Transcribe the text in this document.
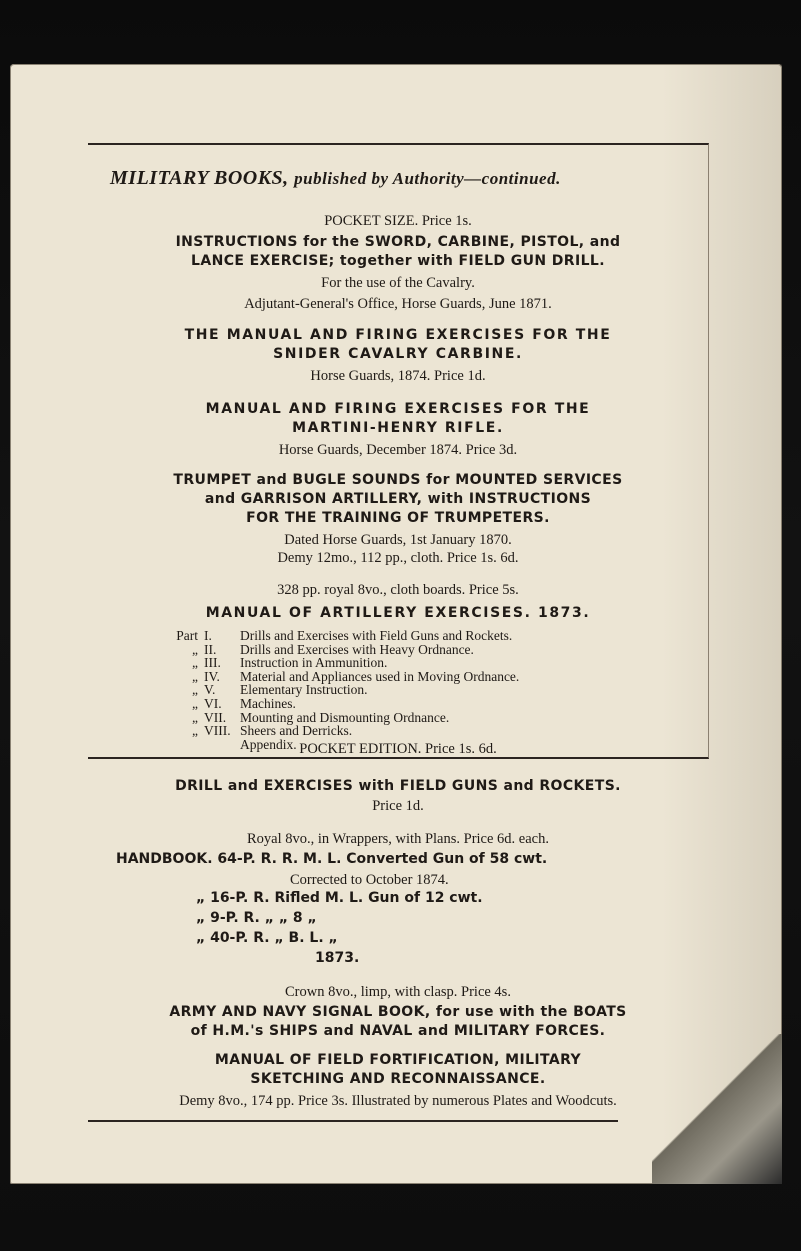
MILITARY BOOKS, published by Authority—continued.
POCKET SIZE. Price 1s.
INSTRUCTIONS for the SWORD, CARBINE, PISTOL, and
LANCE EXERCISE; together with FIELD GUN DRILL.
For the use of the Cavalry.
Adjutant-General's Office, Horse Guards, June 1871.
THE MANUAL AND FIRING EXERCISES FOR THE
SNIDER CAVALRY CARBINE.
Horse Guards, 1874. Price 1d.
MANUAL AND FIRING EXERCISES FOR THE
MARTINI-HENRY RIFLE.
Horse Guards, December 1874. Price 3d.
TRUMPET and BUGLE SOUNDS for MOUNTED SERVICES
and GARRISON ARTILLERY, with INSTRUCTIONS
FOR THE TRAINING OF TRUMPETERS.
Dated Horse Guards, 1st January 1870.
Demy 12mo., 112 pp., cloth. Price 1s. 6d.
328 pp. royal 8vo., cloth boards. Price 5s.
MANUAL OF ARTILLERY EXERCISES. 1873.
Part I. Drills and Exercises with Field Guns and Rockets.
„ II. Drills and Exercises with Heavy Ordnance.
„ III. Instruction in Ammunition.
„ IV. Material and Appliances used in Moving Ordnance.
„ V. Elementary Instruction.
„ VI. Machines.
„ VII. Mounting and Dismounting Ordnance.
„ VIII. Sheers and Derricks.
Appendix. POCKET EDITION. Price 1s. 6d.
DRILL and EXERCISES with FIELD GUNS and ROCKETS.
Price 1d.
Royal 8vo., in Wrappers, with Plans. Price 6d. each.
HANDBOOK. 64-P. R. R. M. L. Converted Gun of 58 cwt.
Corrected to October 1874.
„ 16-P. R. Rifled M. L. Gun of 12 cwt.
„ 9-P. R. „ „ 8 „
„ 40-P. R. „ B. L. „
1873.
Crown 8vo., limp, with clasp. Price 4s.
ARMY AND NAVY SIGNAL BOOK, for use with the BOATS
of H.M.'s SHIPS and NAVAL and MILITARY FORCES.
MANUAL OF FIELD FORTIFICATION, MILITARY
SKETCHING AND RECONNAISSANCE.
Demy 8vo., 174 pp. Price 3s. Illustrated by numerous Plates and Woodcuts.
